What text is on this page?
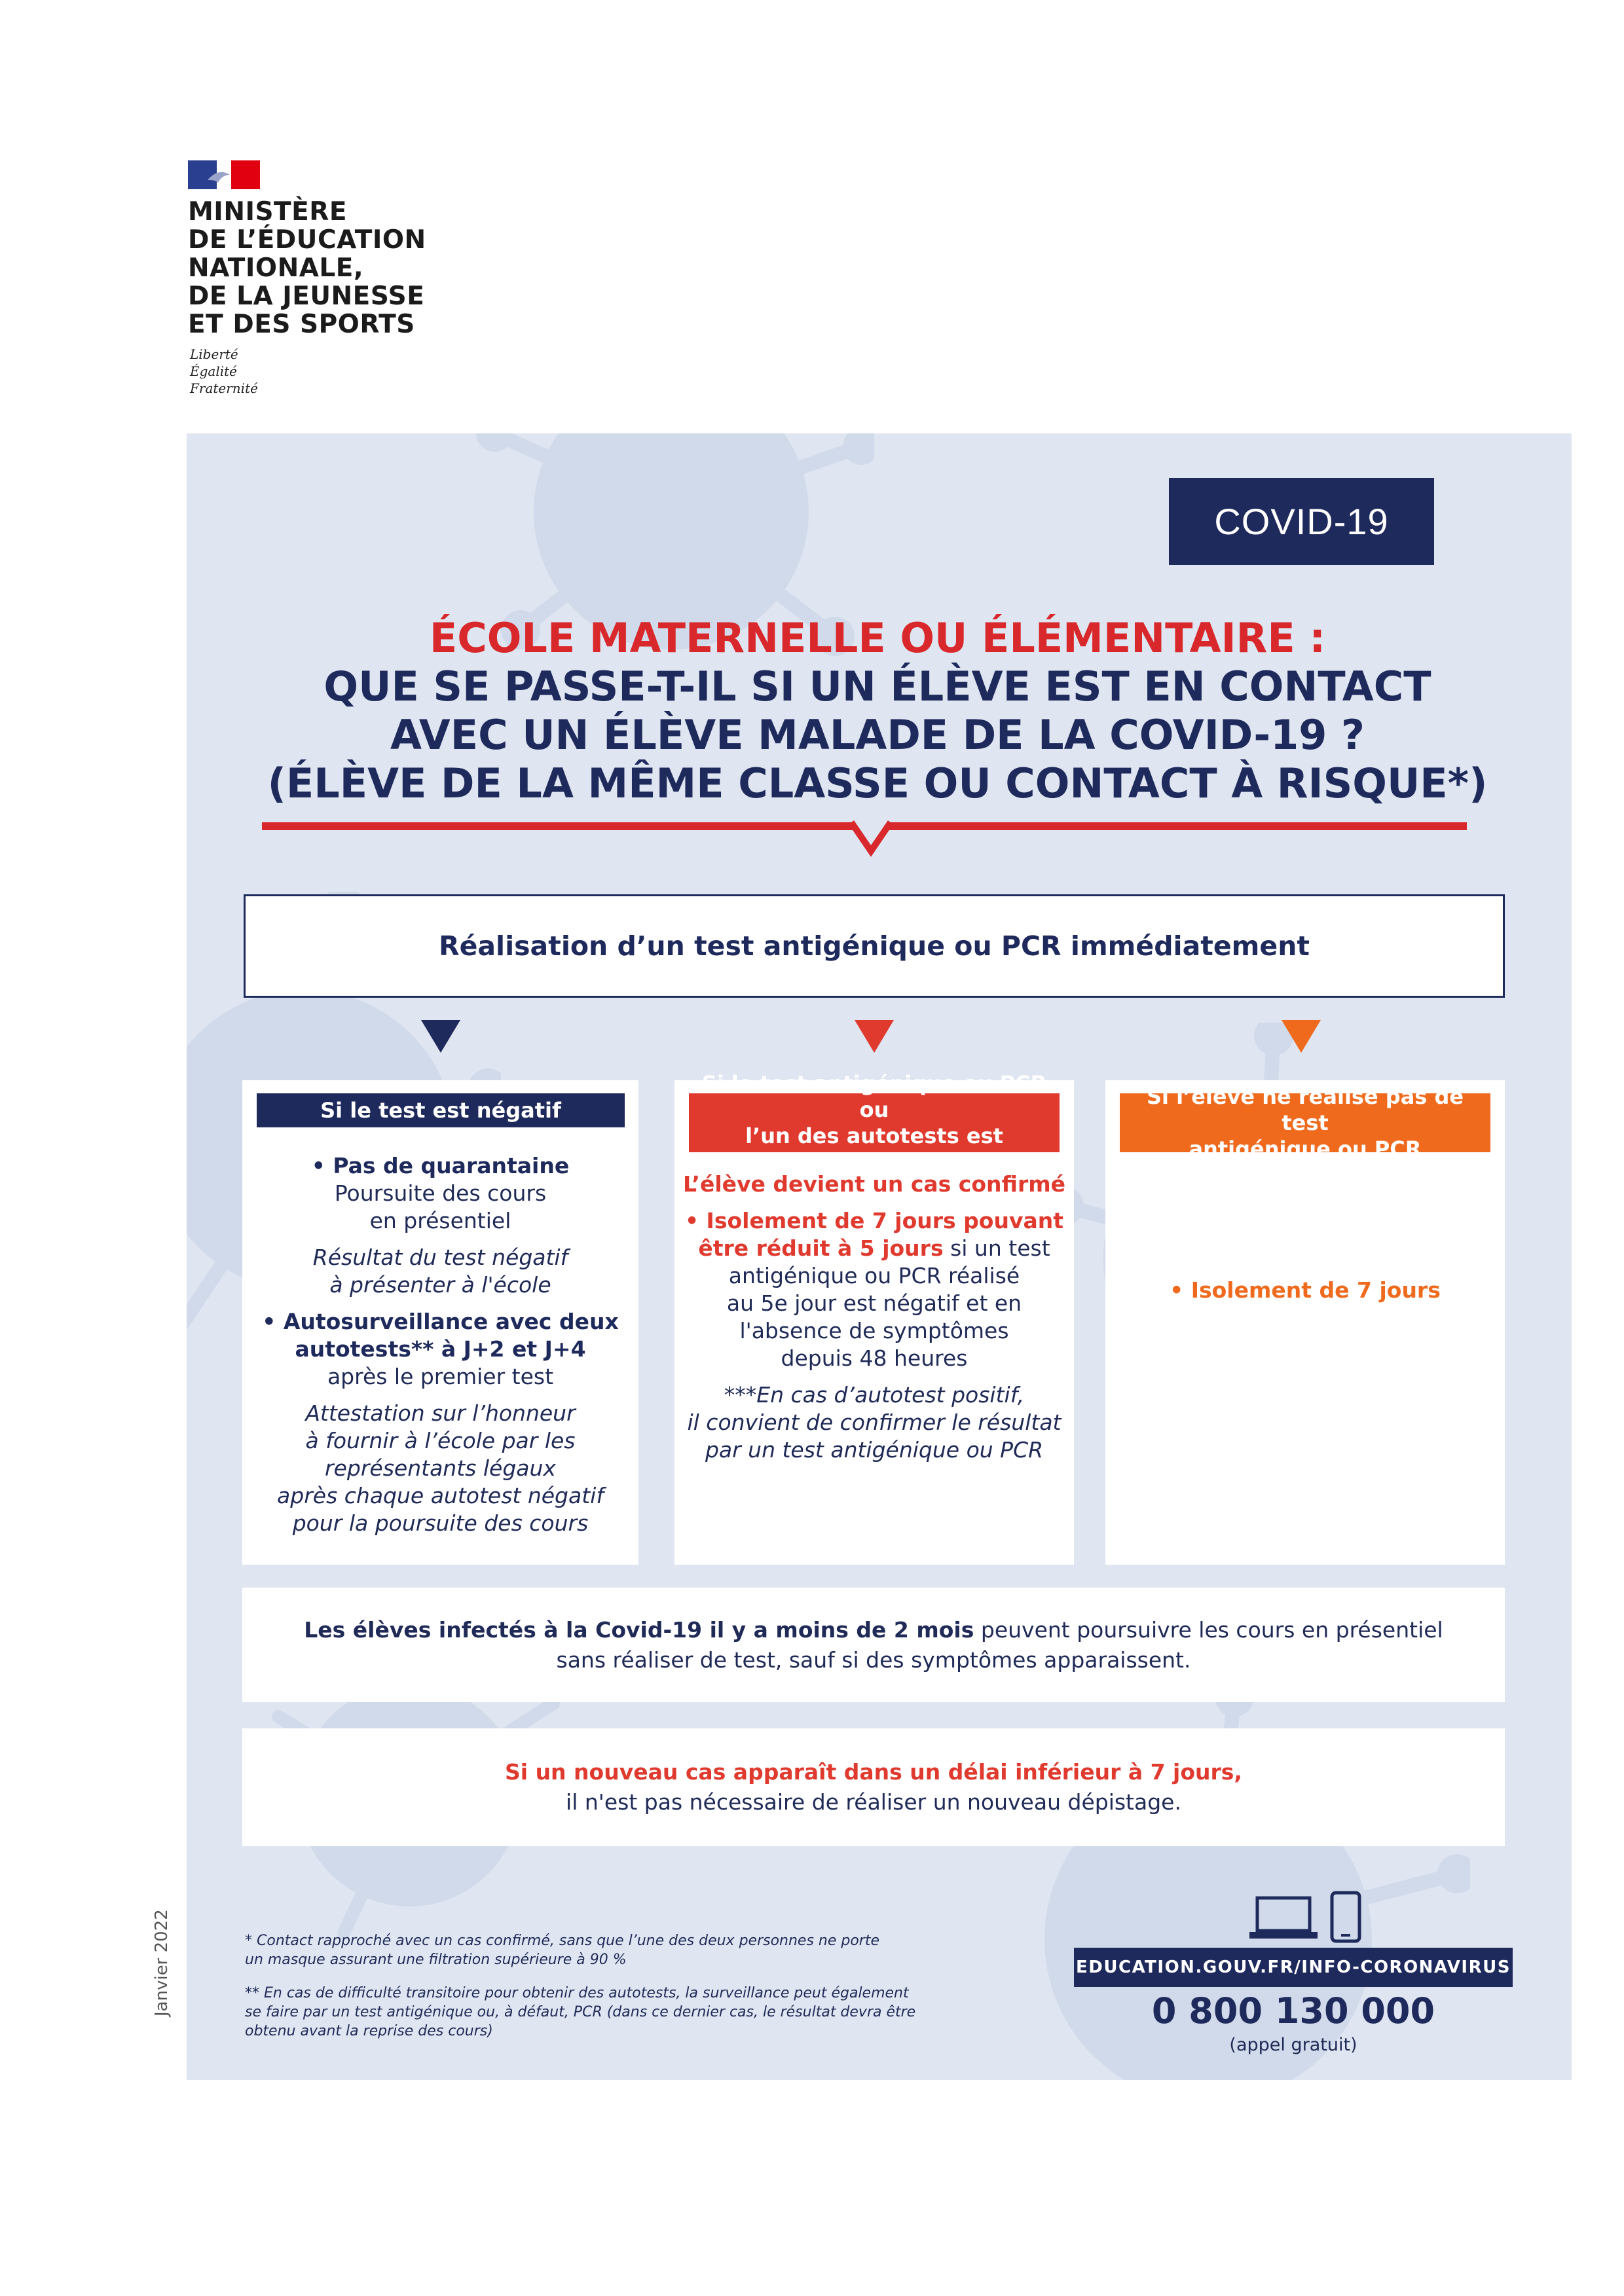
MINISTÈRE
DE L’ÉDUCATION
NATIONALE,
DE LA JEUNESSE
ET DES SPORTS
Liberté
Égalité
Fraternité
COVID-19
ÉCOLE MATERNELLE OU ÉLÉMENTAIRE :
QUE SE PASSE-T-IL SI UN ÉLÈVE EST EN CONTACT
AVEC UN ÉLÈVE MALADE DE LA COVID-19 ?
(ÉLÈVE DE LA MÊME CLASSE OU CONTACT À RISQUE*)
Réalisation d’un test antigénique ou PCR immédiatement
Si le test est négatif
• Pas de quarantaine
Poursuite des cours
en présentiel
Résultat du test négatif
à présenter à l'école
• Autosurveillance avec deux
autotests** à J+2 et J+4
après le premier test
Attestation sur l’honneur
à fournir à l’école par les
représentants légaux
après chaque autotest négatif
pour la poursuite des cours
Si le test antigénique ou PCR ou
l’un des autotests est positif***
L’élève devient un cas confirmé
• Isolement de 7 jours pouvant
être réduit à 5 jours si un test
antigénique ou PCR réalisé
au 5e jour est négatif et en
l'absence de symptômes
depuis 48 heures
***En cas d’autotest positif,
il convient de confirmer le résultat
par un test antigénique ou PCR
Si l’élève ne réalise pas de test
antigénique ou PCR
• Isolement de 7 jours
Les élèves infectés à la Covid-19 il y a moins de 2 mois peuvent poursuivre les cours en présentiel
sans réaliser de test, sauf si des symptômes apparaissent.
Si un nouveau cas apparaît dans un délai inférieur à 7 jours,
il n'est pas nécessaire de réaliser un nouveau dépistage.
* Contact rapproché avec un cas confirmé, sans que l’une des deux personnes ne porte
un masque assurant une filtration supérieure à 90 %
** En cas de difficulté transitoire pour obtenir des autotests, la surveillance peut également
se faire par un test antigénique ou, à défaut, PCR (dans ce dernier cas, le résultat devra être
obtenu avant la reprise des cours)
EDUCATION.GOUV.FR/INFO-CORONAVIRUS
0 800 130 000
(appel gratuit)
Janvier 2022
